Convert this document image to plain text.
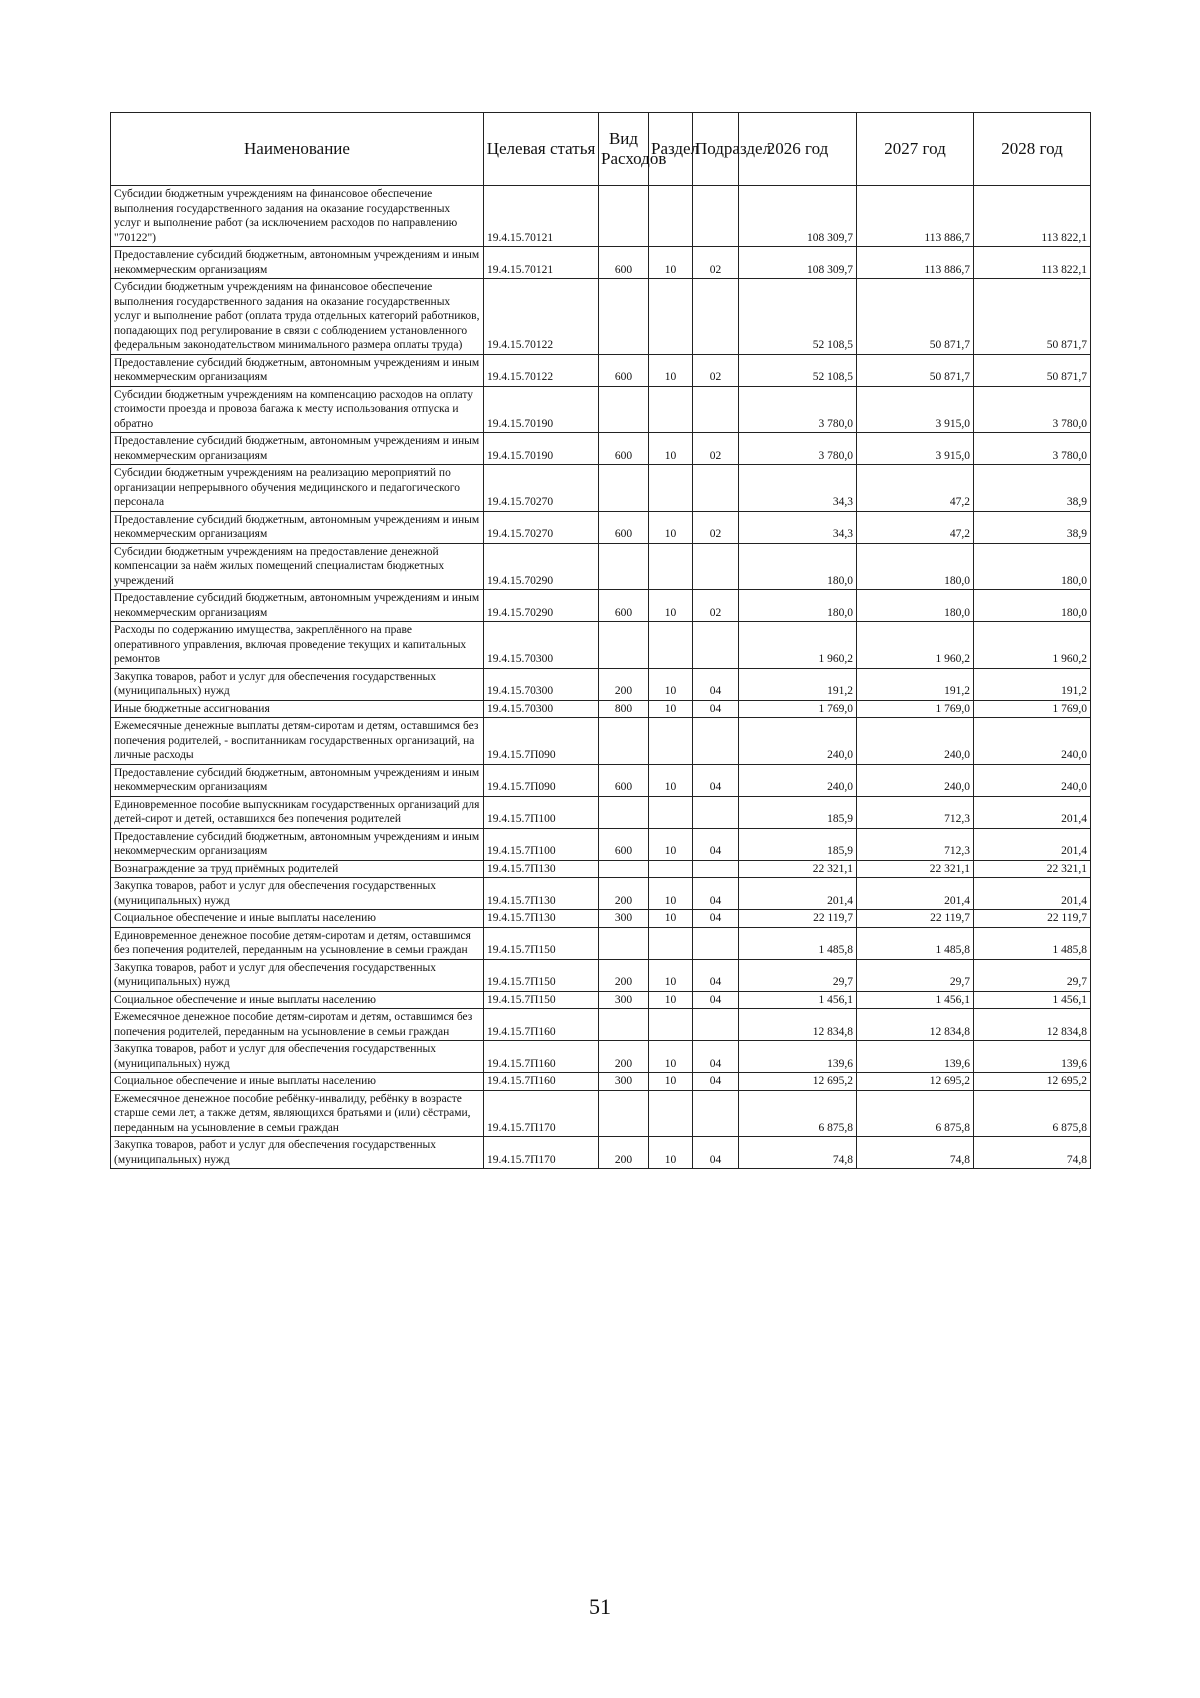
Наименование	Целевая статья	Вид Расходов	Раздел	Подраздел	2026 год	2027 год	2028 год
Субсидии бюджетным учреждениям на финансовое обеспечение выполнения государственного задания на оказание государственных услуг и выполнение работ (за исключением расходов по направлению "70122")	19.4.15.70121				108 309,7	113 886,7	113 822,1
Предоставление субсидий бюджетным, автономным учреждениям и иным некоммерческим организациям	19.4.15.70121	600	10	02	108 309,7	113 886,7	113 822,1
Субсидии бюджетным учреждениям на финансовое обеспечение выполнения государственного задания на оказание государственных услуг и выполнение работ (оплата труда отдельных категорий работников, попадающих под регулирование в связи с соблюдением установленного федеральным законодательством минимального размера оплаты труда)	19.4.15.70122				52 108,5	50 871,7	50 871,7
Предоставление субсидий бюджетным, автономным учреждениям и иным некоммерческим организациям	19.4.15.70122	600	10	02	52 108,5	50 871,7	50 871,7
Субсидии бюджетным учреждениям на компенсацию расходов на оплату стоимости проезда и провоза багажа к месту использования отпуска и обратно	19.4.15.70190				3 780,0	3 915,0	3 780,0
Предоставление субсидий бюджетным, автономным учреждениям и иным некоммерческим организациям	19.4.15.70190	600	10	02	3 780,0	3 915,0	3 780,0
Субсидии бюджетным учреждениям на реализацию мероприятий по организации непрерывного обучения медицинского и педагогического персонала	19.4.15.70270				34,3	47,2	38,9
Предоставление субсидий бюджетным, автономным учреждениям и иным некоммерческим организациям	19.4.15.70270	600	10	02	34,3	47,2	38,9
Субсидии бюджетным учреждениям на предоставление денежной компенсации за наём жилых помещений специалистам бюджетных учреждений	19.4.15.70290				180,0	180,0	180,0
Предоставление субсидий бюджетным, автономным учреждениям и иным некоммерческим организациям	19.4.15.70290	600	10	02	180,0	180,0	180,0
Расходы по содержанию имущества, закреплённого на праве оперативного управления, включая проведение текущих и капитальных ремонтов	19.4.15.70300				1 960,2	1 960,2	1 960,2
Закупка товаров, работ и услуг для обеспечения государственных (муниципальных) нужд	19.4.15.70300	200	10	04	191,2	191,2	191,2
Иные бюджетные ассигнования	19.4.15.70300	800	10	04	1 769,0	1 769,0	1 769,0
Ежемесячные денежные выплаты детям-сиротам и детям, оставшимся без попечения родителей, - воспитанникам государственных организаций, на личные расходы	19.4.15.7П090				240,0	240,0	240,0
Предоставление субсидий бюджетным, автономным учреждениям и иным некоммерческим организациям	19.4.15.7П090	600	10	04	240,0	240,0	240,0
Единовременное пособие выпускникам государственных организаций для детей-сирот и детей, оставшихся без попечения родителей	19.4.15.7П100				185,9	712,3	201,4
Предоставление субсидий бюджетным, автономным учреждениям и иным некоммерческим организациям	19.4.15.7П100	600	10	04	185,9	712,3	201,4
Вознаграждение за труд приёмных родителей	19.4.15.7П130				22 321,1	22 321,1	22 321,1
Закупка товаров, работ и услуг для обеспечения государственных (муниципальных) нужд	19.4.15.7П130	200	10	04	201,4	201,4	201,4
Социальное обеспечение и иные выплаты населению	19.4.15.7П130	300	10	04	22 119,7	22 119,7	22 119,7
Единовременное денежное пособие детям-сиротам и детям, оставшимся без попечения родителей, переданным на усыновление в семьи граждан	19.4.15.7П150				1 485,8	1 485,8	1 485,8
Закупка товаров, работ и услуг для обеспечения государственных (муниципальных) нужд	19.4.15.7П150	200	10	04	29,7	29,7	29,7
Социальное обеспечение и иные выплаты населению	19.4.15.7П150	300	10	04	1 456,1	1 456,1	1 456,1
Ежемесячное денежное пособие детям-сиротам и детям, оставшимся без попечения родителей, переданным на усыновление в семьи граждан	19.4.15.7П160				12 834,8	12 834,8	12 834,8
Закупка товаров, работ и услуг для обеспечения государственных (муниципальных) нужд	19.4.15.7П160	200	10	04	139,6	139,6	139,6
Социальное обеспечение и иные выплаты населению	19.4.15.7П160	300	10	04	12 695,2	12 695,2	12 695,2
Ежемесячное денежное пособие ребёнку-инвалиду, ребёнку в возрасте старше семи лет, а также детям, являющихся братьями и (или) сёстрами, переданным на усыновление в семьи граждан	19.4.15.7П170				6 875,8	6 875,8	6 875,8
Закупка товаров, работ и услуг для обеспечения государственных (муниципальных) нужд	19.4.15.7П170	200	10	04	74,8	74,8	74,8
51
